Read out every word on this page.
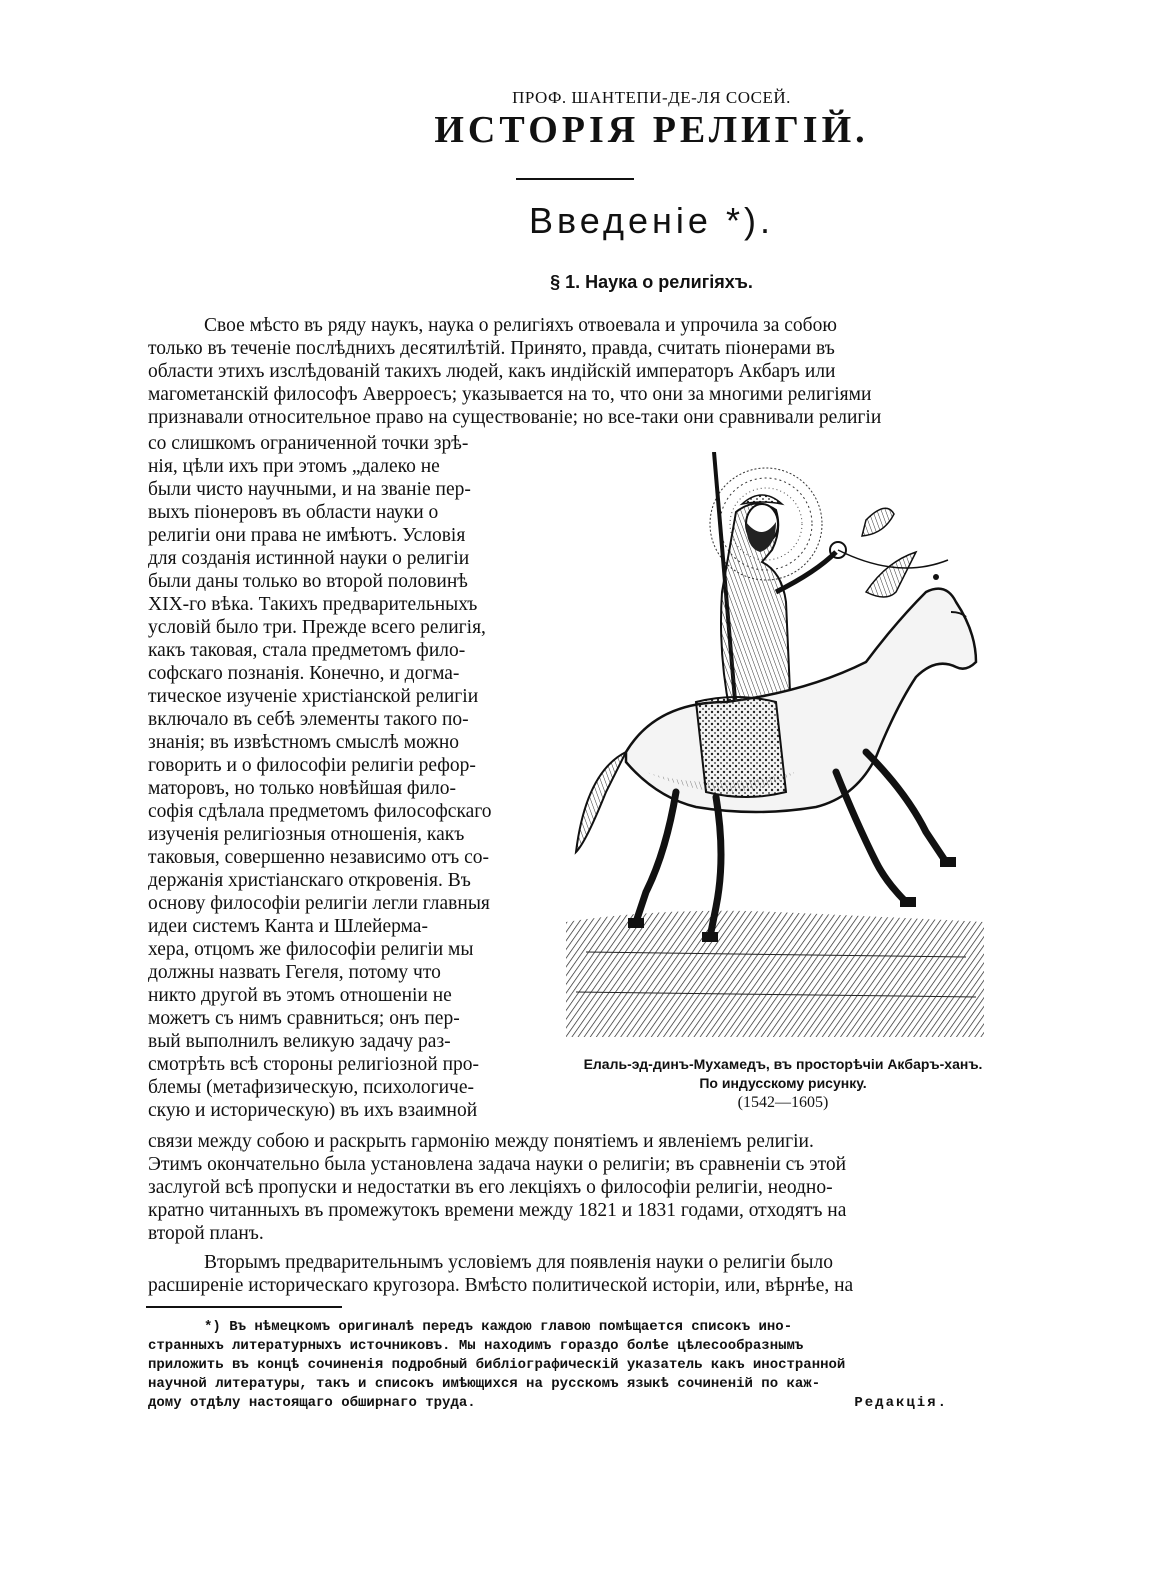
ПРОФ. ШАНТЕПИ-ДЕ-ЛЯ СОСЕЙ.
ИСТОРIЯ РЕЛИГIЙ.
Введенiе *).
§ 1. Наука о религiяхъ.
Свое мѣсто въ ряду наукъ, наука о религiяхъ отвоевала и упрочила за собою
только въ теченiе послѣднихъ десятилѣтiй. Принято, правда, считать пiонерами въ
области этихъ изслѣдованiй такихъ людей, какъ индiйскiй императоръ Акбаръ или
магометанскiй философъ Аверроесъ; указывается на то, что они за многими религiями
признавали относительное право на существованiе; но все-таки они сравнивали религiи
со слишкомъ ограниченной точки зрѣ-
нiя, цѣли ихъ при этомъ „далеко не
были чисто научными, и на званiе пер-
выхъ пiонеровъ въ области науки о
религiи они права не имѣютъ. Условiя
для созданiя истинной науки о религiи
были даны только во второй половинѣ
XIX-го вѣка. Такихъ предварительныхъ
условiй было три. Прежде всего религiя,
какъ таковая, стала предметомъ фило-
софскаго познанiя. Конечно, и догма-
тическое изученiе христiанской религiи
включало въ себѣ элементы такого по-
знанiя; въ извѣстномъ смыслѣ можно
говорить и о философiи религiи рефор-
маторовъ, но только новѣйшая фило-
софiя сдѣлала предметомъ философскаго
изученiя религiозныя отношенiя, какъ
таковыя, совершенно независимо отъ со-
держанiя христiанскаго откровенiя. Въ
основу философiи религiи легли главныя
идеи системъ Канта и Шлейерма-
хера, отцомъ же философiи религiи мы
должны назвать Гегеля, потому что
никто другой въ этомъ отношенiи не
можетъ съ нимъ сравниться; онъ пер-
вый выполнилъ великую задачу раз-
смотрѣть всѣ стороны религiозной про-
блемы (метафизическую, психологиче-
скую и историческую) въ ихъ взаимной
Елаль-эд-динъ-Мухамедъ, въ просторѣчiи Акбаръ-ханъ.
По индусскому рисунку.
(1542—1605)
связи между собою и раскрыть гармонiю между понятiемъ и явленiемъ религiи.
Этимъ окончательно была установлена задача науки о религiи; въ сравненiи съ этой
заслугой всѣ пропуски и недостатки въ его лекцiяхъ о философiи религiи, неодно-
кратно читанныхъ въ промежутокъ времени между 1821 и 1831 годами, отходятъ на
второй планъ.
Вторымъ предварительнымъ условiемъ для появленiя науки о религiи было
расширенiе историческаго кругозора. Вмѣсто политической исторiи, или, вѣрнѣе, на
*) Въ нѣмецкомъ оригиналѣ передъ каждою главою помѣщается списокъ ино-
странныхъ литературныхъ источниковъ. Мы находимъ гораздо болѣе цѣлесообразнымъ
приложить въ концѣ сочиненiя подробный библiографическiй указатель какъ иностранной
научной литературы, такъ и списокъ имѣющихся на русскомъ языкѣ сочиненiй по каж-
дому отдѣлу настоящаго обширнаго труда.	Редакцiя.
